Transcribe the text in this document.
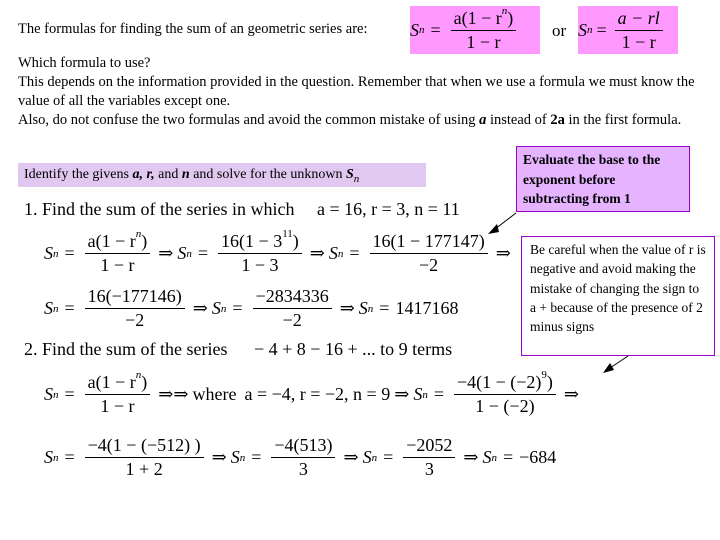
The formulas for finding the sum of an geometric series are: S $n = \frac{a(1 - r^n)}{1 - r}$ or S $n = \frac{a - rl}{1 - r}$
Which formula to use?
This depends on the information provided in the question. Remember that when we use a formula we must know the value of all the variables except one.
Also, do not confuse the two formulas and avoid the common mistake of using a instead of 2a in the first formula.
Identify the givens a, r, and n and solve for the unknown $S_n$
Evaluate the base to the exponent before subtracting from 1
Be careful when the value of r is negative and avoid making the mistake of changing the sign to a + because of the presence of 2 minus signs
1. Find the sum of the series in which a = 16, r = 3, n = 11
S $n = \frac{a(1 - r^n)}{1 - r}$ ⇒ S $n = \frac{16(1 - 3^{11})}{1 - 3}$ ⇒ S $n = \frac{16(1 - 177147)}{-2}$ ⇒
S $n = \frac{16(-177146)}{-2}$ ⇒ S $n = \frac{-2834336}{-2}$ ⇒ S n = 1417168
2. Find the sum of the series − 4 + 8 − 16 + ... to 9 terms
S $n = \frac{a(1 - r^n)}{1 - r}$ ⇒ ⇒ where a = −4, r = −2, n = 9 ⇒ S $n = \frac{-4(1 - (-2)^9)}{1 - (-2)}$ ⇒
S $n = \frac{-4(1 - (-512) )}{1 + 2}$ ⇒ S $n = \frac{-4(513)}{3}$ ⇒ S $n = \frac{-2052}{3}$ ⇒ S n = −684
